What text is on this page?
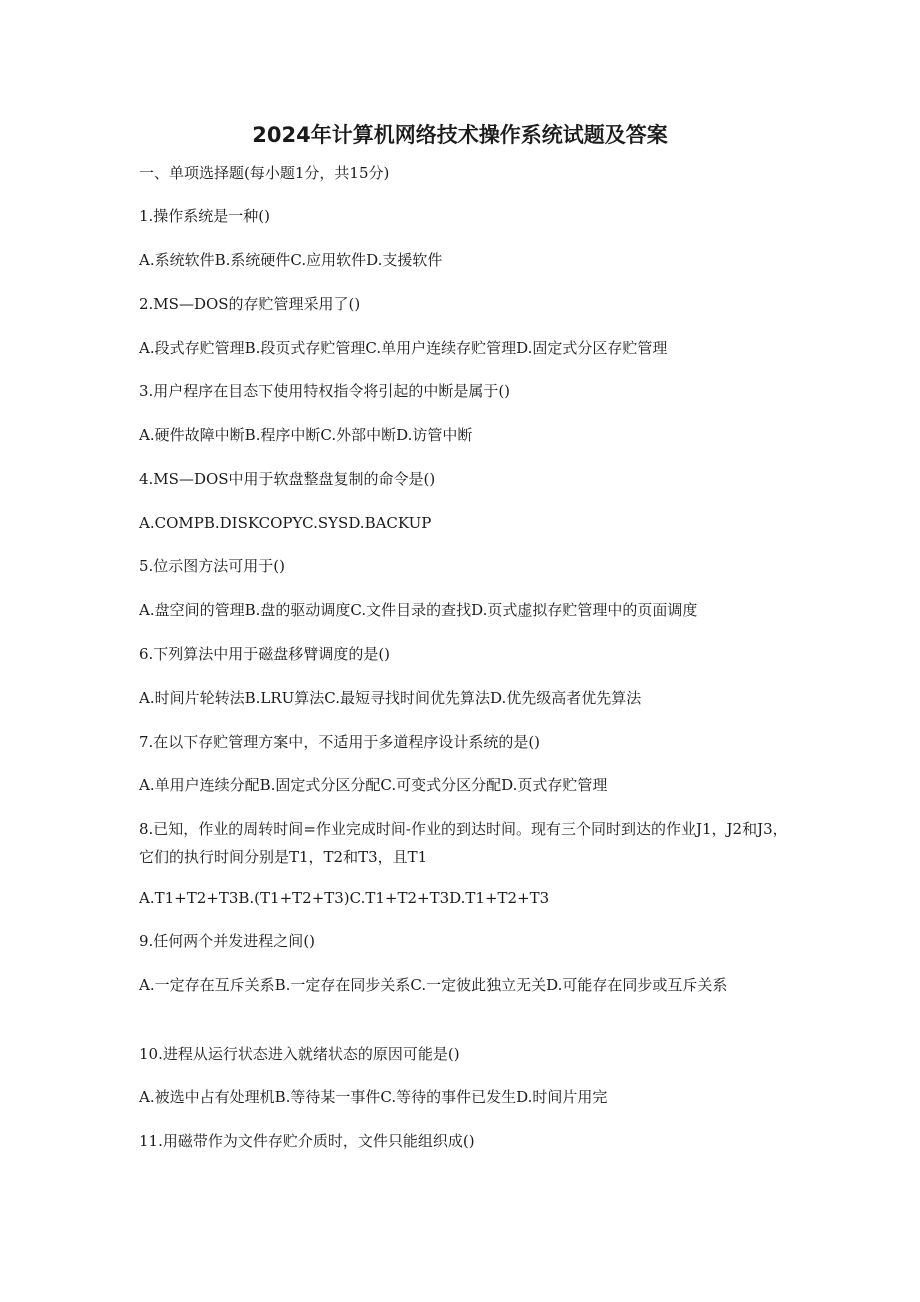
2024年计算机网络技术操作系统试题及答案

一、单项选择题(每小题1分，共15分)

1.操作系统是一种()

A.系统软件B.系统硬件C.应用软件D.支援软件

2.MS—DOS的存贮管理采用了()

A.段式存贮管理B.段页式存贮管理C.单用户连续存贮管理D.固定式分区存贮管理

3.用户程序在目态下使用特权指令将引起的中断是属于()

A.硬件故障中断B.程序中断C.外部中断D.访管中断

4.MS—DOS中用于软盘整盘复制的命令是()

A.COMPB.DISKCOPYC.SYSD.BACKUP

5.位示图方法可用于()

A.盘空间的管理B.盘的驱动调度C.文件目录的查找D.页式虚拟存贮管理中的页面调度

6.下列算法中用于磁盘移臂调度的是()

A.时间片轮转法B.LRU算法C.最短寻找时间优先算法D.优先级高者优先算法

7.在以下存贮管理方案中，不适用于多道程序设计系统的是()

A.单用户连续分配B.固定式分区分配C.可变式分区分配D.页式存贮管理

8.已知，作业的周转时间=作业完成时间-作业的到达时间。现有三个同时到达的作业J1，J2和J3，它们的执行时间分别是T1，T2和T3，且T1

A.T1+T2+T3B.(T1+T2+T3)C.T1+T2+T3D.T1+T2+T3

9.任何两个并发进程之间()

A.一定存在互斥关系B.一定存在同步关系C.一定彼此独立无关D.可能存在同步或互斥关系

10.进程从运行状态进入就绪状态的原因可能是()

A.被选中占有处理机B.等待某一事件C.等待的事件已发生D.时间片用完

11.用磁带作为文件存贮介质时，文件只能组织成()
